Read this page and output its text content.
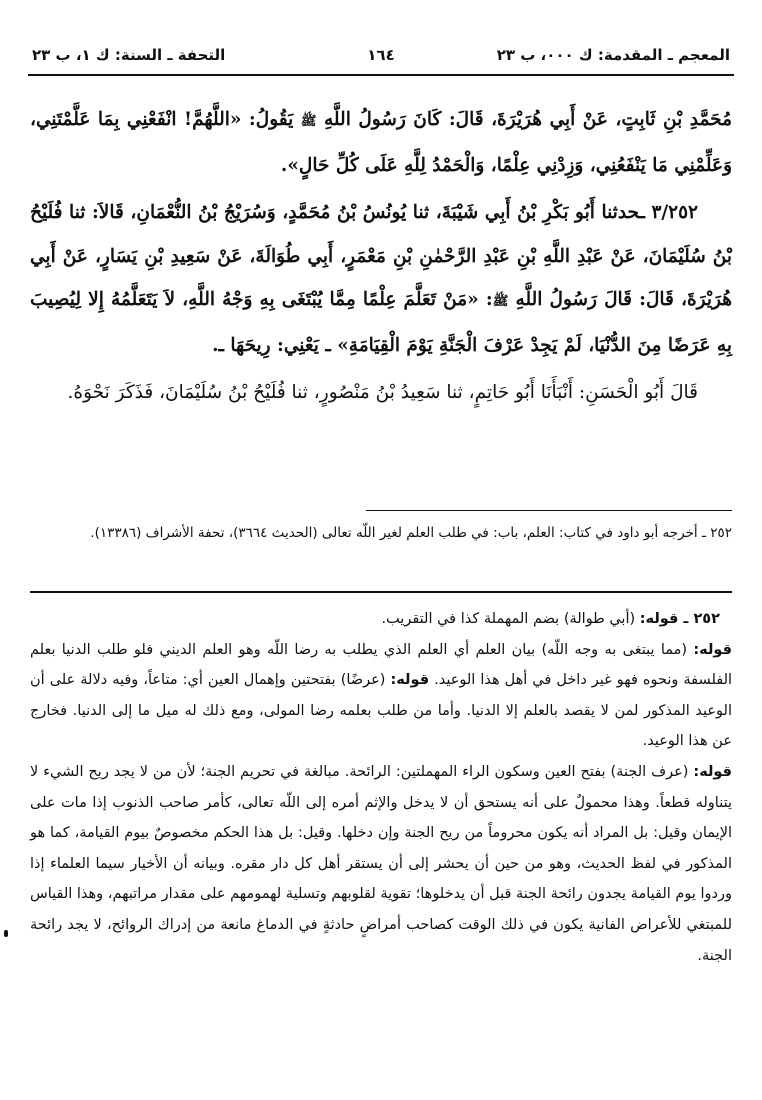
المعجم ـ المقدمة: ك ٠٠٠، ب ٢٣
١٦٤
التحفة ـ السنة: ك ١، ب ٢٣

مُحَمَّدِ بْنِ ثَابِتٍ، عَنْ أَبِي هُرَيْرَةَ، قَالَ: كَانَ رَسُولُ اللَّهِ ﷺ يَقُولُ: «اللَّهُمَّ! انْفَعْنِي بِمَا عَلَّمْتَنِي، وَعَلِّمْنِي مَا يَنْفَعُنِي، وَزِدْنِي عِلْمًا، وَالْحَمْدُ لِلَّهِ عَلَى كُلِّ حَالٍ».

٣/٢٥٢ ـحدثنا أَبُو بَكْرِ بْنُ أَبِي شَيْبَةَ، ثنا يُونُسُ بْنُ مُحَمَّدٍ، وَسُرَيْجُ بْنُ النُّعْمَانِ، قَالاَ: ثنا فُلَيْحُ بْنُ سُلَيْمَانَ، عَنْ عَبْدِ اللَّهِ بْنِ عَبْدِ الرَّحْمٰنِ بْنِ مَعْمَرٍ، أَبِي طُوَالَةَ، عَنْ سَعِيدِ بْنِ يَسَارٍ، عَنْ أَبِي هُرَيْرَةَ، قَالَ: قَالَ رَسُولُ اللَّهِ ﷺ: «مَنْ تَعَلَّمَ عِلْمًا مِمَّا يُبْتَغَى بِهِ وَجْهُ اللَّهِ، لاَ يَتَعَلَّمُهُ إِلا لِيُصِيبَ بِهِ عَرَضًا مِنَ الدُّنْيَا، لَمْ يَجِدْ عَرْفَ الْجَنَّةِ يَوْمَ الْقِيَامَةِ» ـ يَعْنِي: رِيحَهَا ـ.

قَالَ أَبُو الْحَسَنِ: أَنْبَأَنَا أَبُو حَاتِمٍ، ثنا سَعِيدُ بْنُ مَنْصُورٍ، ثنا فُلَيْحُ بْنُ سُلَيْمَانَ، فَذَكَرَ نَحْوَهُ.

٢٥٢ ـ أخرجه أبو داود في كتاب: العلم، باب: في طلب العلم لغير اللّه تعالى (الحديث ٣٦٦٤)، تحفة الأشراف (١٣٣٨٦).

٢٥٢ ـ قوله: (أبي طوالة) بضم المهملة كذا في التقريب.

قوله: (مما يبتغى به وجه اللّه) بيان العلم أي العلم الذي يطلب به رضا اللّه وهو العلم الديني فلو طلب الدنيا بعلم الفلسفة ونحوه فهو غير داخل في أهل هذا الوعيد. قوله: (عرضًا) بفتحتين وإهمال العين أي: متاعاً، وفيه دلالة على أن الوعيد المذكور لمن لا يقصد بالعلم إلا الدنيا. وأما من طلب بعلمه رضا المولى، ومع ذلك له ميل ما إلى الدنيا. فخارج عن هذا الوعيد.

قوله: (عرف الجنة) بفتح العين وسكون الراء المهملتين: الرائحة. مبالغة في تحريم الجنة؛ لأن من لا يجد ريح الشيء لا يتناوله قطعاً. وهذا محمولٌ على أنه يستحق أن لا يدخل والإثم أمره إلى اللّه تعالى، كأمر صاحب الذنوب إذا مات على الإيمان وقيل: بل المراد أنه يكون محروماً من ريح الجنة وإن دخلها. وقيل: بل هذا الحكم مخصوصٌ بيوم القيامة، كما هو المذكور في لفظ الحديث، وهو من حين أن يحشر إلى أن يستقر أهل كل دار مقره. وبيانه أن الأخيار سيما العلماء إذا وردوا يوم القيامة يجدون رائحة الجنة قبل أن يدخلوها؛ تقوية لقلوبهم وتسلية لهمومهم على مقدار مراتبهم، وهذا القياس للمبتغي للأعراض الفانية يكون في ذلك الوقت كصاحب أمراضٍ حادثةٍ في الدماغ مانعة من إدراك الروائح، لا يجد رائحة الجنة.
